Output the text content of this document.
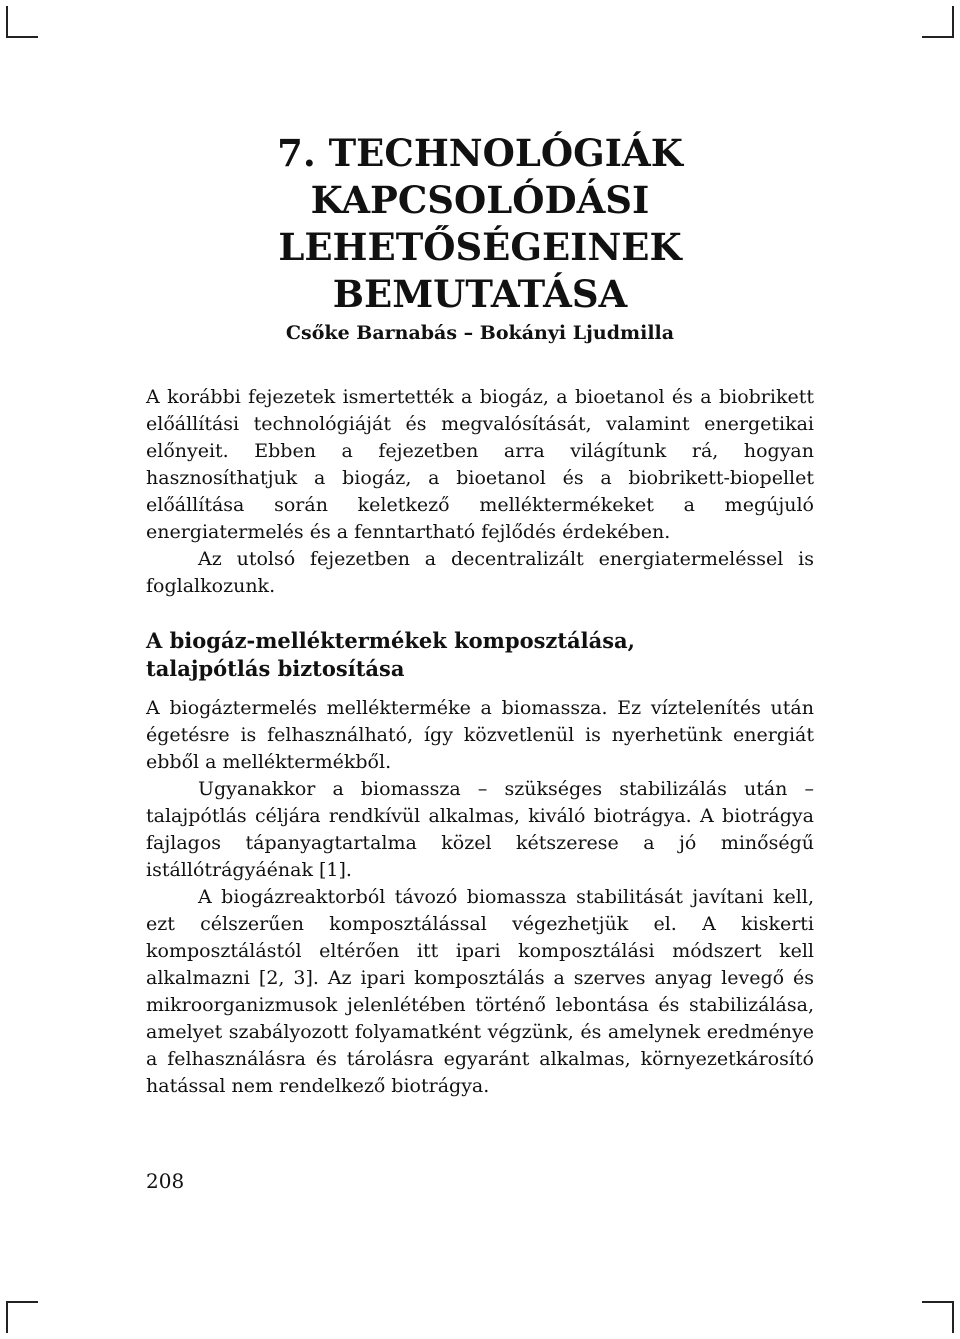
7. TECHNOLÓGIÁK
KAPCSOLÓDÁSI
LEHETŐSÉGEINEK
BEMUTATÁSA
Csőke Barnabás – Bokányi Ljudmilla

A korábbi fejezetek ismertették a biogáz, a bioetanol és a biobrikett előállítási technológiáját és megvalósítását, valamint energetikai előnyeit. Ebben a fejezetben arra világítunk rá, hogyan hasznosíthatjuk a biogáz, a bioetanol és a biobrikett-biopellet előállítása során keletkező melléktermékeket a megújuló energiatermelés és a fenntartható fejlődés érdekében.

Az utolsó fejezetben a decentralizált energiatermeléssel is foglalkozunk.

A biogáz-melléktermékek komposztálása,
talajpótlás biztosítása

A biogáztermelés mellékterméke a biomassza. Ez víztelenítés után égetésre is felhasználható, így közvetlenül is nyerhetünk energiát ebből a melléktermékből.

Ugyanakkor a biomassza – szükséges stabilizálás után – talajpótlás céljára rendkívül alkalmas, kiváló biotrágya. A biotrágya fajlagos tápanyagtartalma közel kétszerese a jó minőségű istállótrágyáénak [1].

A biogázreaktorból távozó biomassza stabilitását javítani kell, ezt célszerűen komposztálással végezhetjük el. A kiskerti komposztálástól eltérően itt ipari komposztálási módszert kell alkalmazni [2, 3]. Az ipari komposztálás a szerves anyag levegő és mikroorganizmusok jelenlétében történő lebontása és stabilizálása, amelyet szabályozott folyamatként végzünk, és amelynek eredménye a felhasználásra és tárolásra egyaránt alkalmas, környezetkárosító hatással nem rendelkező biotrágya.

208
